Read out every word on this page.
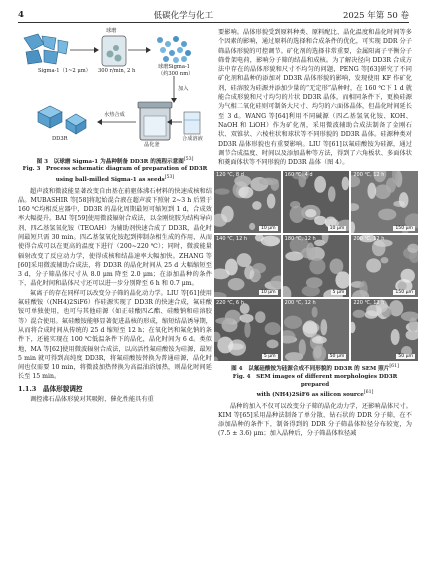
4	低碳化学与化工	2025 年第 50 卷
Sigma-1（1~2 μm）
球磨
300 r/min, 2 h
球磨Sigma-1
（约300 nm）
加入
水热合成
DD3R	合成溶液
晶化釜
图 3　以球磨 Sigma-1 为晶种制备 DD3R 的流程示意图[53]
Fig. 3　Process schematic diagram of preparation of DD3R
using ball-milled Sigma-1 as seeds[53]

超声波和微波能显著改变自由基在前驱体沸石材料的快速成核和结晶。MUBASHIR 等[58]将起始混合液在超声波下照射 2~3 h 后置于 160 ℃均相反应器中，DD3R 的晶化周期最短可缩短到 1 d，合成效率大幅提升。BAI 等[59]使用微波辐射合成法，以金刚烷胺为结构导向剂、四乙基氢氧化铵（TEOAH）为辅助剂快速合成了 DD3R，晶化时间最短只需 30 min。四乙基氢氧化铵起到抑制杂相生成的作用，从而使得合成可以在更高的温度下进行（200~220 ℃）；同时，微波能量辐射改变了反应动力学，使得成核和结晶速率大幅加快。ZHANG 等[60]采用微波辅助合成法，将 DD3R 的晶化时间从 25 d 大幅缩短至 3 d，分子筛晶体尺寸从 8.0 μm 降至 2.0 μm；在添加晶种的条件下，晶化时间和晶体尺寸还可以进一步分别降至 6 h 和 0.7 μm。

氟离子的存在同样可以改变分子筛的晶化动力学。LIU 等[61]使用氟硅酸铵（(NH4)2SiF6）作硅源实现了 DD3R 的快速合成，氟硅酸铵可单独使用，也可与其他硅源（如正硅酸四乙酯、硅酸钠和硅溶胶等）混合使用。氟硅酸铵能够显著促进晶核的形成，缩短结晶诱导期，从而将合成时间从传统的 25 d 缩短至 12 h；在氧化钙和氟化钠的条件下，还能实现在 100 ℃低温条件下的晶化，晶化时间为 6 d。类似地，MA 等[62]使用微波辐射合成法，以高活性氟硅酸铵为硅源，最短 5 min 就可得到高纯度 DD3R，将氟硅酸铵替换为普通硅源，晶化时间也仅需要 10 min，将微波加热替换为高温油浴加热，则晶化时间延长至 15 min。

1.1.3　晶体形貌调控

调控沸石晶体形貌对其吸附、催化性能具有重

要影响。晶体形貌受到原料种类、原料配比、晶化温度和晶化时间等多个因素的影响，通过原料的选择和合成条件的优化，可实现 DDR 分子筛晶体形貌的可控调节。矿化剂的选择非常重要，金属阳离子平衡分子筛骨架电荷，影响分子筛的结晶和成核。为了解决径向 DD3R 合成方法中存在的晶体形貌和尺寸不均匀的问题，PENG 等[63]研究了不同矿化剂和晶种的添加对 DD3R 晶体形貌的影响，发现使用 KF 作矿化剂，硅溶胶为硅源并添加少量的“无定形”晶种时，在 160 ℃下 1 d 就能合成形貌和尺寸均匀的片状 DD3R 晶体，而相同条件下，更换硅源为气相二氧化硅则可制备大尺寸、均匀的六面体晶体，但晶化时间延长至 3 d。WANG 等[64]利用不同碱源（四乙基氢氧化铵、KOH、NaOH 和 LiOH）作为矿化剂，采用微波辅助合成法制备了金刚石状、双锥状、六棱柱状和球状等不同形貌的 DD3R 晶体。硅源种类对 DD3R 晶体形貌也有重要影响。LIU 等[61]以氟硅酸铵为硅源，通过调节合成温度、时间以及添加晶种等方法，得到了六角板状、多面体状和菱面体状等不同形貌的 DD3R 晶体（图 4）。

120 ℃, 8 d
10 μm
160 ℃, 4 d
10 μm
200 ℃, 12 h
150 μm
140 ℃, 12 h
10 μm
180 ℃, 12 h
5 μm
200 ℃, 12 h
150 μm
220 ℃, 6 h
5 μm
200 ℃, 12 h
50 μm
220 ℃, 12 h
50 μm
图 4　以氟硅酸铵为硅源合成不同形貌的 DD3R 的 SEM 照片[61]
Fig. 4　SEM images of different morphologies DD3R prepared
with (NH4)2SiF6 as silicon source[61]

晶种的加入不仅可以改变分子筛的晶化动力学，还影响晶体尺寸。KIM 等[65]采用晶种法制备了单分散、钻石状的 DDR 分子筛，在不添加晶种的条件下，制备得到的 DDR 分子筛晶体粒径分布较宽，为(7.5 ± 3.6) μm；加入晶种后，分子筛晶体粒径减
